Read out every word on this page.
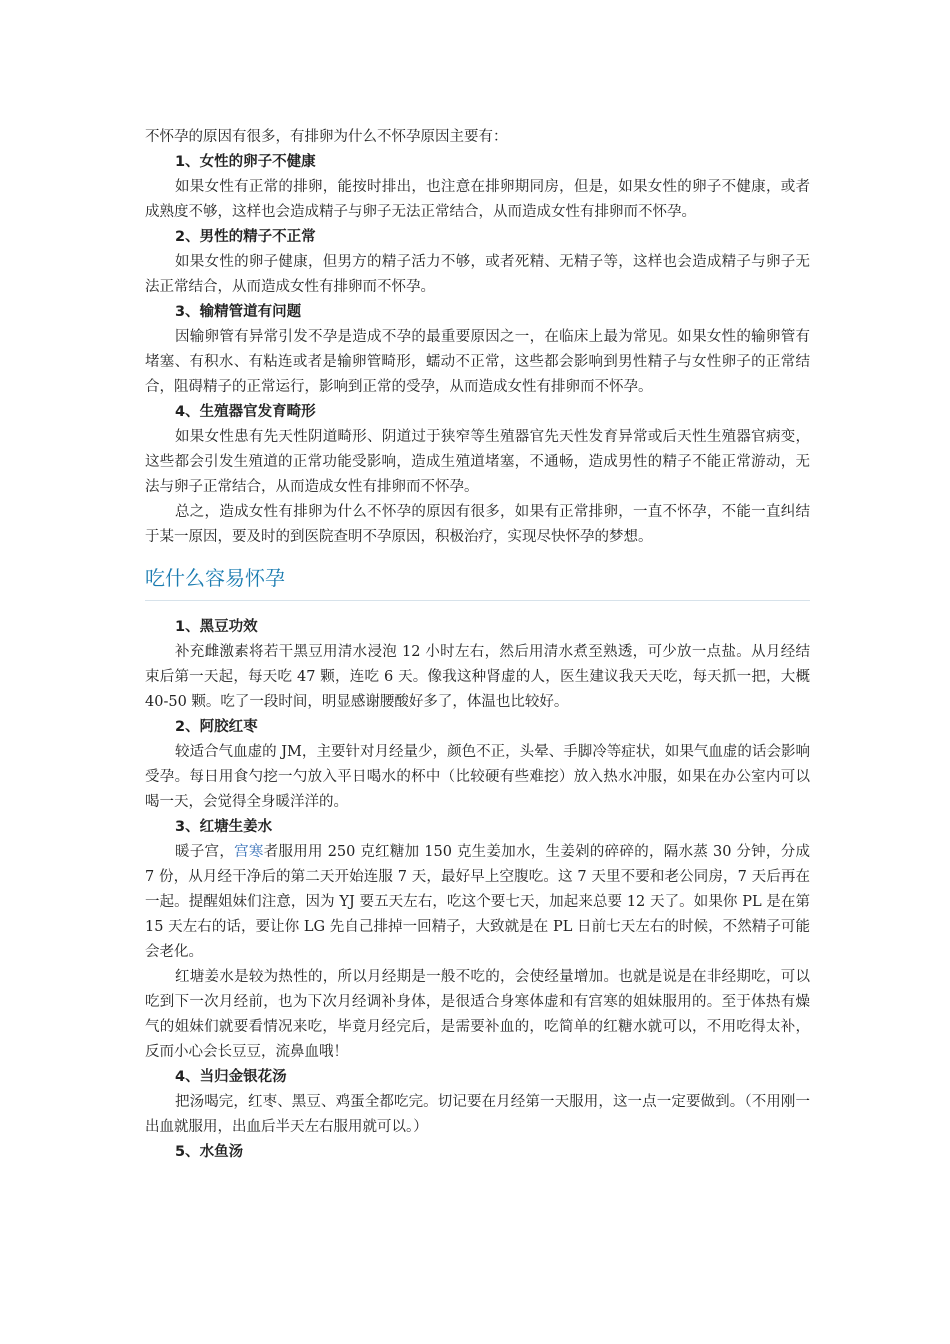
不怀孕的原因有很多，有排卵为什么不怀孕原因主要有：

1、女性的卵子不健康

如果女性有正常的排卵，能按时排出，也注意在排卵期同房，但是，如果女性的卵子不健康，或者成熟度不够，这样也会造成精子与卵子无法正常结合，从而造成女性有排卵而不怀孕。

2、男性的精子不正常

如果女性的卵子健康，但男方的精子活力不够，或者死精、无精子等，这样也会造成精子与卵子无法正常结合，从而造成女性有排卵而不怀孕。

3、输精管道有问题

因输卵管有异常引发不孕是造成不孕的最重要原因之一，在临床上最为常见。如果女性的输卵管有堵塞、有积水、有粘连或者是输卵管畸形，蠕动不正常，这些都会影响到男性精子与女性卵子的正常结合，阻碍精子的正常运行，影响到正常的受孕，从而造成女性有排卵而不怀孕。

4、生殖器官发育畸形

如果女性患有先天性阴道畸形、阴道过于狭窄等生殖器官先天性发育异常或后天性生殖器官病变，这些都会引发生殖道的正常功能受影响，造成生殖道堵塞，不通畅，造成男性的精子不能正常游动，无法与卵子正常结合，从而造成女性有排卵而不怀孕。

总之，造成女性有排卵为什么不怀孕的原因有很多，如果有正常排卵，一直不怀孕，不能一直纠结于某一原因，要及时的到医院查明不孕原因，积极治疗，实现尽快怀孕的梦想。

吃什么容易怀孕

1、黑豆功效

补充雌激素将若干黑豆用清水浸泡 12 小时左右，然后用清水煮至熟透，可少放一点盐。从月经结束后第一天起，每天吃 47 颗，连吃 6 天。像我这种肾虚的人，医生建议我天天吃，每天抓一把，大概 40-50 颗。吃了一段时间，明显感谢腰酸好多了，体温也比较好。

2、阿胶红枣

较适合气血虚的 JM，主要针对月经量少，颜色不正，头晕、手脚冷等症状，如果气血虚的话会影响受孕。每日用食勺挖一勺放入平日喝水的杯中（比较硬有些难挖）放入热水冲服，如果在办公室内可以喝一天，会觉得全身暖洋洋的。

3、红塘生姜水

暖子宫，宫寒者服用用 250 克红糖加 150 克生姜加水，生姜剁的碎碎的，隔水蒸 30 分钟，分成 7 份，从月经干净后的第二天开始连服 7 天，最好早上空腹吃。这 7 天里不要和老公同房，7 天后再在一起。提醒姐妹们注意，因为 YJ 要五天左右，吃这个要七天，加起来总要 12 天了。如果你 PL 是在第 15 天左右的话，要让你 LG 先自己排掉一回精子，大致就是在 PL 日前七天左右的时候，不然精子可能会老化。

红塘姜水是较为热性的，所以月经期是一般不吃的，会使经量增加。也就是说是在非经期吃，可以吃到下一次月经前，也为下次月经调补身体，是很适合身寒体虚和有宫寒的姐妹服用的。至于体热有燥气的姐妹们就要看情况来吃，毕竟月经完后，是需要补血的，吃简单的红糖水就可以，不用吃得太补，反而小心会长豆豆，流鼻血哦！

4、当归金银花汤

把汤喝完，红枣、黑豆、鸡蛋全都吃完。切记要在月经第一天服用，这一点一定要做到。（不用刚一出血就服用，出血后半天左右服用就可以。）

5、水鱼汤
